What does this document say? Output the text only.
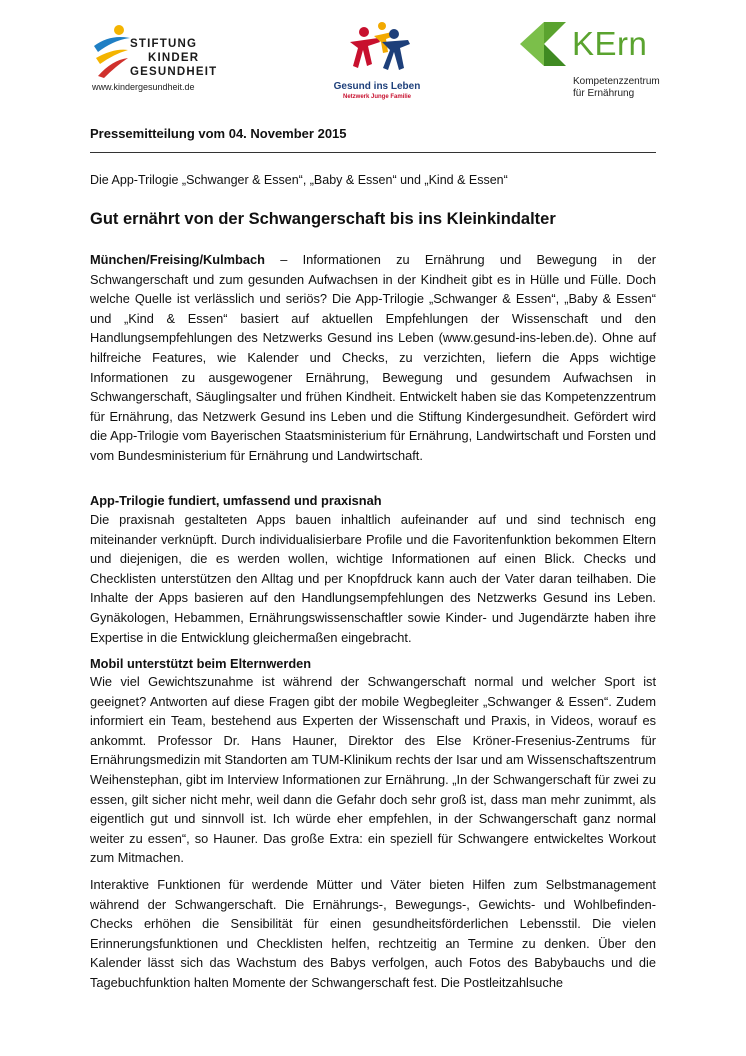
STIFTUNG
KINDER
GESUNDHEIT
www.kindergesundheit.de	Gesund ins Leben
Netzwerk Junge Familie
KErn
Kompetenzzentrum
für Ernährung
Pressemitteilung vom 04. November 2015
Die App-Trilogie „Schwanger & Essen“, „Baby & Essen“ und „Kind & Essen“
Gut ernährt von der Schwangerschaft bis ins Kleinkindalter
München/Freising/Kulmbach – Informationen zu Ernährung und Bewegung in der Schwangerschaft und zum gesunden Aufwachsen in der Kindheit gibt es in Hülle und Fülle. Doch welche Quelle ist verlässlich und seriös? Die App-Trilogie „Schwanger & Essen“, „Baby & Essen“ und „Kind & Essen“ basiert auf aktuellen Empfehlungen der Wissenschaft und den Handlungsempfehlungen des Netzwerks Gesund ins Leben (www.gesund-ins-leben.de). Ohne auf hilfreiche Features, wie Kalender und Checks, zu verzichten, liefern die Apps wichtige Informationen zu ausgewogener Ernährung, Bewegung und gesundem Aufwachsen in Schwangerschaft, Säuglingsalter und frühen Kindheit. Entwickelt haben sie das Kompetenzzentrum für Ernährung, das Netzwerk Gesund ins Leben und die Stiftung Kindergesundheit. Gefördert wird die App-Trilogie vom Bayerischen Staatsministerium für Ernährung, Landwirtschaft und Forsten und vom Bundesministerium für Ernährung und Landwirtschaft.
App-Trilogie fundiert, umfassend und praxisnah
Die praxisnah gestalteten Apps bauen inhaltlich aufeinander auf und sind technisch eng miteinander verknüpft. Durch individualisierbare Profile und die Favoritenfunktion bekommen Eltern und diejenigen, die es werden wollen, wichtige Informationen auf einen Blick. Checks und Checklisten unterstützen den Alltag und per Knopfdruck kann auch der Vater daran teilhaben. Die Inhalte der Apps basieren auf den Handlungsempfehlungen des Netzwerks Gesund ins Leben. Gynäkologen, Hebammen, Ernährungswissenschaftler sowie Kinder- und Jugendärzte haben ihre Expertise in die Entwicklung gleichermaßen eingebracht.
Mobil unterstützt beim Elternwerden
Wie viel Gewichtszunahme ist während der Schwangerschaft normal und welcher Sport ist geeignet? Antworten auf diese Fragen gibt der mobile Wegbegleiter „Schwanger & Essen“. Zudem informiert ein Team, bestehend aus Experten der Wissenschaft und Praxis, in Videos, worauf es ankommt. Professor Dr. Hans Hauner, Direktor des Else Kröner-Fresenius-Zentrums für Ernährungsmedizin mit Standorten am TUM-Klinikum rechts der Isar und am Wissenschaftszentrum Weihenstephan, gibt im Interview Informationen zur Ernährung. „In der Schwangerschaft für zwei zu essen, gilt sicher nicht mehr, weil dann die Gefahr doch sehr groß ist, dass man mehr zunimmt, als eigentlich gut und sinnvoll ist. Ich würde eher empfehlen, in der Schwangerschaft ganz normal weiter zu essen“, so Hauner. Das große Extra: ein speziell für Schwangere entwickeltes Workout zum Mitmachen.
Interaktive Funktionen für werdende Mütter und Väter bieten Hilfen zum Selbstmanagement während der Schwangerschaft. Die Ernährungs-, Bewegungs-, Gewichts- und Wohlbefinden-Checks erhöhen die Sensibilität für einen gesundheitsförderlichen Lebensstil. Die vielen Erinnerungsfunktionen und Checklisten helfen, rechtzeitig an Termine zu denken. Über den Kalender lässt sich das Wachstum des Babys verfolgen, auch Fotos des Babybauchs und die Tagebuchfunktion halten Momente der Schwangerschaft fest. Die Postleitzahlsuche
